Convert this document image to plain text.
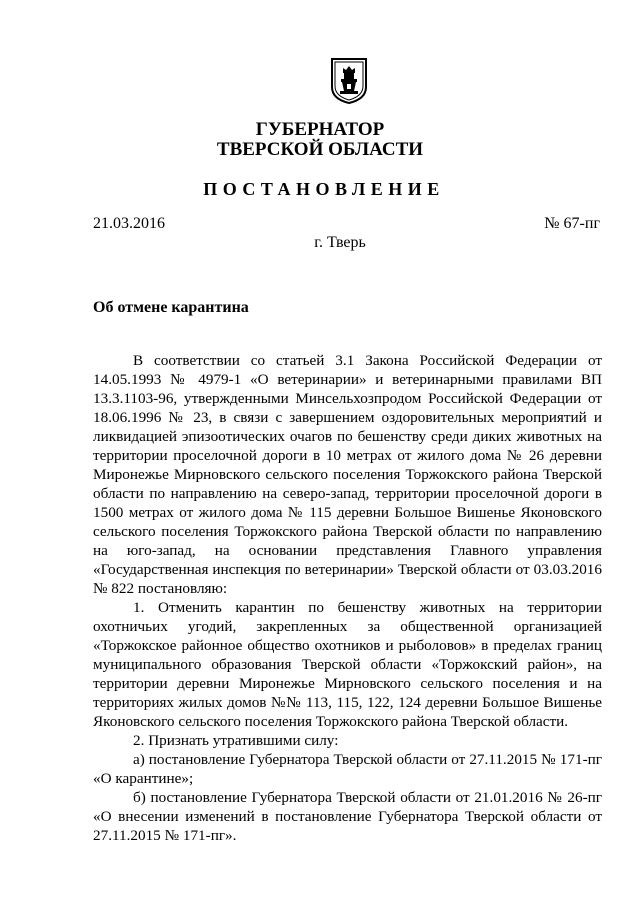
ГУБЕРНАТОР
ТВЕРСКОЙ ОБЛАСТИ
ПОСТАНОВЛЕНИЕ
21.03.2016	№ 67-пг
г. Тверь
Об отмене карантина

В соответствии со статьей 3.1 Закона Российской Федерации от 14.05.1993 № 4979-1 «О ветеринарии» и ветеринарными правилами ВП 13.3.1103-96, утвержденными Минсельхозпродом Российской Федерации от 18.06.1996 № 23, в связи с завершением оздоровительных мероприятий и ликвидацией эпизоотических очагов по бешенству среди диких животных на территории проселочной дороги в 10 метрах от жилого дома № 26 деревни Миронежье Мирновского сельского поселения Торжокского района Тверской области по направлению на северо-запад, территории проселочной дороги в 1500 метрах от жилого дома № 115 деревни Большое Вишенье Яконовского сельского поселения Торжокского района Тверской области по направлению на юго-запад, на основании представления Главного управления «Государственная инспекция по ветеринарии» Тверской области от 03.03.2016 № 822 постановляю:

1. Отменить карантин по бешенству животных на территории охотничьих угодий, закрепленных за общественной организацией «Торжокское районное общество охотников и рыболовов» в пределах границ муниципального образования Тверской области «Торжокский район», на территории деревни Миронежье Мирновского сельского поселения и на территориях жилых домов №№ 113, 115, 122, 124 деревни Большое Вишенье Яконовского сельского поселения Торжокского района Тверской области.

2. Признать утратившими силу:

а) постановление Губернатора Тверской области от 27.11.2015 № 171-пг «О карантине»;

б) постановление Губернатора Тверской области от 21.01.2016 № 26-пг «О внесении изменений в постановление Губернатора Тверской области от 27.11.2015 № 171-пг».
